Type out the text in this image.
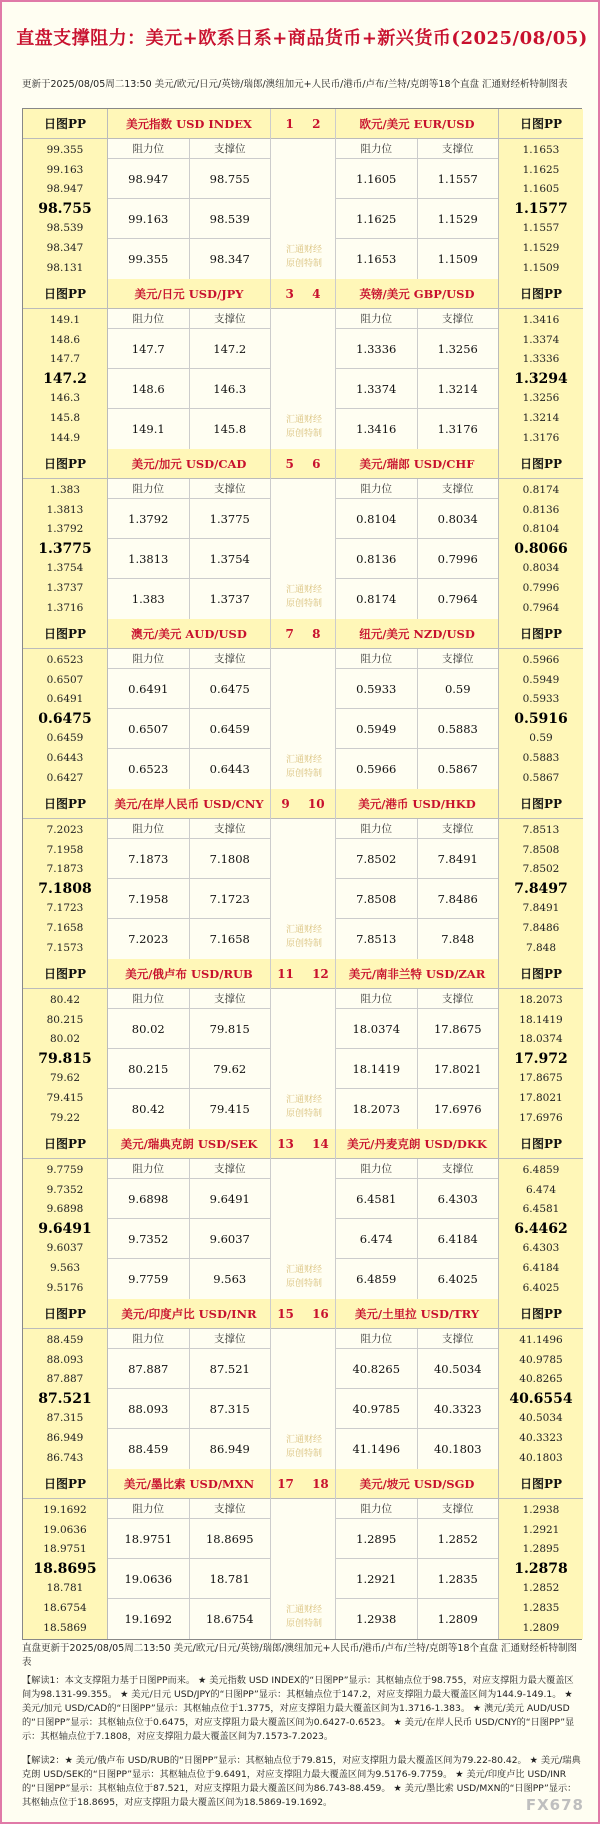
直盘支撑阻力：美元+欧系日系+商品货币+新兴货币(2025/08/05)
更新于2025/08/05周二13:50 美元/欧元/日元/英镑/瑞郎/澳纽加元+人民币/港币/卢布/兰特/克朗等18个直盘 汇通财经析特制图表
日图PP
99.355
99.163
98.947
98.755
98.539
98.347
98.131
美元指数 USD INDEX
阻力位	支撑位
98.947	98.755
99.163	98.539
99.355	98.347
1 2
汇通财经
原创特制
欧元/美元 EUR/USD
阻力位	支撑位
1.1605	1.1557
1.1625	1.1529
1.1653	1.1509
日图PP
1.1653
1.1625
1.1605
1.1577
1.1557
1.1529
1.1509
日图PP
149.1
148.6
147.7
147.2
146.3
145.8
144.9
美元/日元 USD/JPY
阻力位	支撑位
147.7	147.2
148.6	146.3
149.1	145.8
3 4
汇通财经
原创特制
英镑/美元 GBP/USD
阻力位	支撑位
1.3336	1.3256
1.3374	1.3214
1.3416	1.3176
日图PP
1.3416
1.3374
1.3336
1.3294
1.3256
1.3214
1.3176
日图PP
1.383
1.3813
1.3792
1.3775
1.3754
1.3737
1.3716
美元/加元 USD/CAD
阻力位	支撑位
1.3792	1.3775
1.3813	1.3754
1.383	1.3737
5 6
汇通财经
原创特制
美元/瑞郎 USD/CHF
阻力位	支撑位
0.8104	0.8034
0.8136	0.7996
0.8174	0.7964
日图PP
0.8174
0.8136
0.8104
0.8066
0.8034
0.7996
0.7964
日图PP
0.6523
0.6507
0.6491
0.6475
0.6459
0.6443
0.6427
澳元/美元 AUD/USD
阻力位	支撑位
0.6491	0.6475
0.6507	0.6459
0.6523	0.6443
7 8
汇通财经
原创特制
纽元/美元 NZD/USD
阻力位	支撑位
0.5933	0.59
0.5949	0.5883
0.5966	0.5867
日图PP
0.5966
0.5949
0.5933
0.5916
0.59
0.5883
0.5867
日图PP
7.2023
7.1958
7.1873
7.1808
7.1723
7.1658
7.1573
美元/在岸人民币 USD/CNY
阻力位	支撑位
7.1873	7.1808
7.1958	7.1723
7.2023	7.1658
9 10
汇通财经
原创特制
美元/港币 USD/HKD
阻力位	支撑位
7.8502	7.8491
7.8508	7.8486
7.8513	7.848
日图PP
7.8513
7.8508
7.8502
7.8497
7.8491
7.8486
7.848
日图PP
80.42
80.215
80.02
79.815
79.62
79.415
79.22
美元/俄卢布 USD/RUB
阻力位	支撑位
80.02	79.815
80.215	79.62
80.42	79.415
11 12
汇通财经
原创特制
美元/南非兰特 USD/ZAR
阻力位	支撑位
18.0374	17.8675
18.1419	17.8021
18.2073	17.6976
日图PP
18.2073
18.1419
18.0374
17.972
17.8675
17.8021
17.6976
日图PP
9.7759
9.7352
9.6898
9.6491
9.6037
9.563
9.5176
美元/瑞典克朗 USD/SEK
阻力位	支撑位
9.6898	9.6491
9.7352	9.6037
9.7759	9.563
13 14
汇通财经
原创特制
美元/丹麦克朗 USD/DKK
阻力位	支撑位
6.4581	6.4303
6.474	6.4184
6.4859	6.4025
日图PP
6.4859
6.474
6.4581
6.4462
6.4303
6.4184
6.4025
日图PP
88.459
88.093
87.887
87.521
87.315
86.949
86.743
美元/印度卢比 USD/INR
阻力位	支撑位
87.887	87.521
88.093	87.315
88.459	86.949
15 16
汇通财经
原创特制
美元/土里拉 USD/TRY
阻力位	支撑位
40.8265	40.5034
40.9785	40.3323
41.1496	40.1803
日图PP
41.1496
40.9785
40.8265
40.6554
40.5034
40.3323
40.1803
日图PP
19.1692
19.0636
18.9751
18.8695
18.781
18.6754
18.5869
美元/墨比索 USD/MXN
阻力位	支撑位
18.9751	18.8695
19.0636	18.781
19.1692	18.6754
17 18
汇通财经
原创特制
美元/坡元 USD/SGD
阻力位	支撑位
1.2895	1.2852
1.2921	1.2835
1.2938	1.2809
日图PP
1.2938
1.2921
1.2895
1.2878
1.2852
1.2835
1.2809
直盘更新于2025/08/05周二13:50 美元/欧元/日元/英镑/瑞郎/澳纽加元+人民币/港币/卢布/兰特/克朗等18个直盘 汇通财经析特制图表
【解读1：本文支撑阻力基于日图PP而来。 ★ 美元指数 USD INDEX的“日图PP”显示：其枢轴点位于98.755，对应支撑阻力最大覆盖区间为98.131-99.355。 ★ 美元/日元 USD/JPY的“日图PP”显示：其枢轴点位于147.2，对应支撑阻力最大覆盖区间为144.9-149.1。 ★ 美元/加元 USD/CAD的“日图PP”显示：其枢轴点位于1.3775，对应支撑阻力最大覆盖区间为1.3716-1.383。 ★ 澳元/美元 AUD/USD的“日图PP”显示：其枢轴点位于0.6475，对应支撑阻力最大覆盖区间为0.6427-0.6523。 ★ 美元/在岸人民币 USD/CNY的“日图PP”显示：其枢轴点位于7.1808，对应支撑阻力最大覆盖区间为7.1573-7.2023。
【解读2：★ 美元/俄卢布 USD/RUB的“日图PP”显示：其枢轴点位于79.815，对应支撑阻力最大覆盖区间为79.22-80.42。 ★ 美元/瑞典克朗 USD/SEK的“日图PP”显示：其枢轴点位于9.6491，对应支撑阻力最大覆盖区间为9.5176-9.7759。 ★ 美元/印度卢比 USD/INR的“日图PP”显示：其枢轴点位于87.521，对应支撑阻力最大覆盖区间为86.743-88.459。 ★ 美元/墨比索 USD/MXN的“日图PP”显示：其枢轴点位于18.8695，对应支撑阻力最大覆盖区间为18.5869-19.1692。	FX678
